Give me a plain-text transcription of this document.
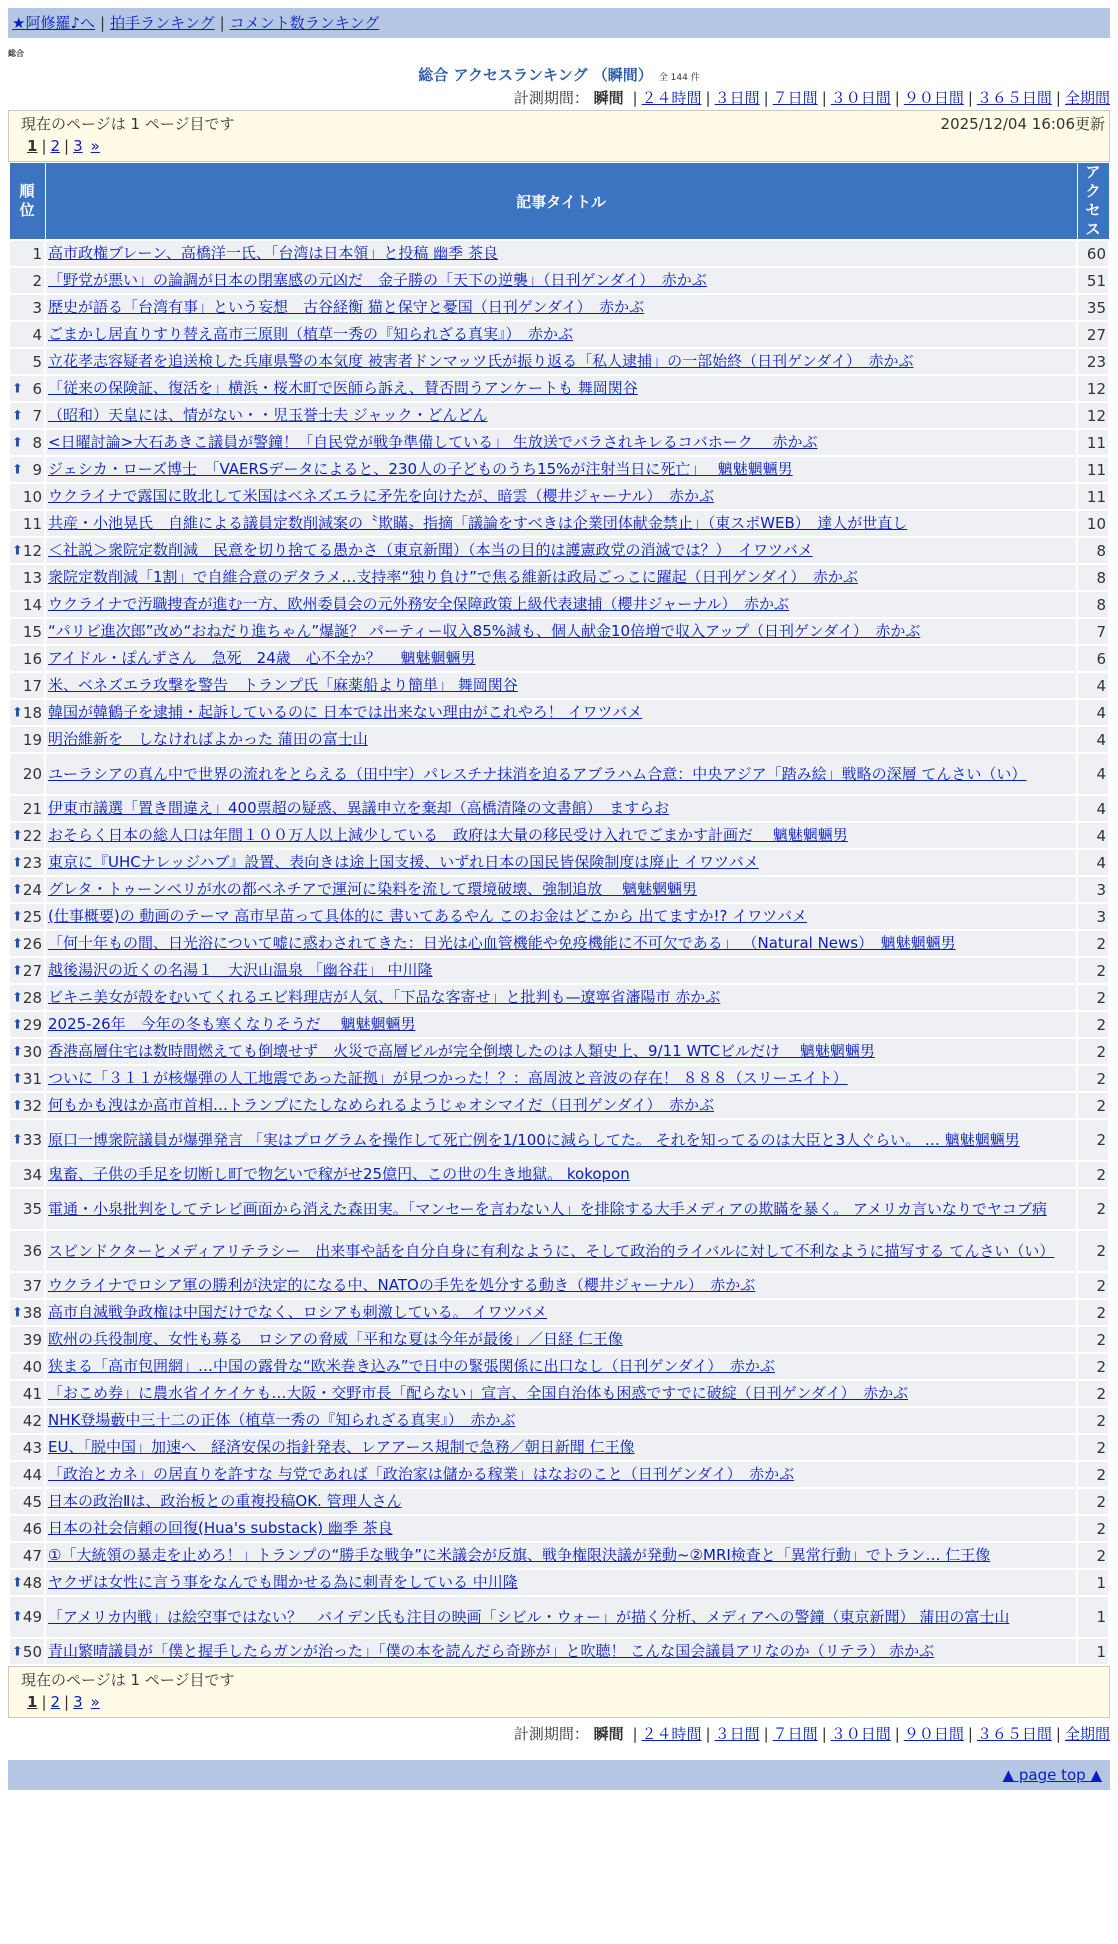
★阿修羅♪へ | 拍手ランキング | コメント数ランキング
総合
総合 アクセスランキング （瞬間） 全 144 件
計測期間： 瞬間 | ２４時間 | ３日間 | ７日間 | ３０日間 | ９０日間 | ３６５日間 | 全期間
現在のページは 1 ページ目です	2025/12/04 16:06更新
1 | 2 | 3 »
順位	記事タイトル	アクセス
1	高市政権ブレーン、高橋洋一氏、「台湾は日本領」と投稿 幽季 茶良	60
2	「野党が悪い」の論調が日本の閉塞感の元凶だ　金子勝の「天下の逆襲」（日刊ゲンダイ）　赤かぶ	51
3	歴史が語る「台湾有事」という妄想　古谷経衡 猫と保守と憂国（日刊ゲンダイ）　赤かぶ	35
4	ごまかし居直りすり替え高市三原則（植草一秀の『知られざる真実』）　赤かぶ	27
5	立花孝志容疑者を追送検した兵庫県警の本気度 被害者ドンマッツ氏が振り返る「私人逮捕」の一部始終（日刊ゲンダイ）　赤かぶ	23

⬆ 6	「従来の保険証、復活を」横浜・桜木町で医師ら訴え、賛否問うアンケートも 舞岡関谷	12

⬆ 7	（昭和）天皇には、情がない・・児玉誉士夫 ジャック・どんどん	12

⬆ 8	<日曜討論>大石あきこ議員が警鐘！「自民党が戦争準備している」 生放送でバラされキレるコバホーク　 赤かぶ	11

⬆ 9	ジェシカ・ローズ博士　「VAERSデータによると、230人の子どものうち15%が注射当日に死亡」　 魑魅魍魎男	11
10	ウクライナで露国に敗北して米国はベネズエラに矛先を向けたが、暗雲（櫻井ジャーナル）　赤かぶ	11
11	共産・小池晃氏　自維による議員定数削減案の〝欺瞞〟指摘「議論をすべきは企業団体献金禁止」（東スポWEB）　達人が世直し	10

⬆ 12	＜社説＞衆院定数削減　民意を切り捨てる愚かさ（東京新聞）（本当の目的は護憲政党の消滅では？）　イワツバメ	8
13	衆院定数削減「1割」で自維合意のデタラメ…支持率“独り負け”で焦る維新は政局ごっこに躍起（日刊ゲンダイ）　赤かぶ	8
14	ウクライナで汚職捜査が進む一方、欧州委員会の元外務安全保障政策上級代表逮捕（櫻井ジャーナル）　赤かぶ	8
15	“パリピ進次郎”改め“おねだり進ちゃん”爆誕？ パーティー収入85%減も、個人献金10倍増で収入アップ（日刊ゲンダイ）　赤かぶ	7
16	アイドル・ぽんずさん　急死　24歳　心不全か？　 魑魅魍魎男	6
17	米、ベネズエラ攻撃を警告　トランプ氏「麻薬船より簡単」 舞岡関谷	4

⬆ 18	韓国が韓鶴子を逮捕・起訴しているのに 日本では出来ない理由がこれやろ！ イワツバメ	4
19	明治維新を　しなければよかった 蒲田の富士山	4
20	ユーラシアの真ん中で世界の流れをとらえる（田中宇）パレスチナ抹消を迫るアブラハム合意：中央アジア「踏み絵」戦略の深層 てんさい（い）	4
21	伊東市議選「置き間違え」400票超の疑惑、異議申立を棄却（高橋清隆の文書館）　ますらお	4

⬆ 22	おそらく日本の総人口は年間１００万人以上減少している　政府は大量の移民受け入れでごまかす計画だ　 魑魅魍魎男	4

⬆ 23	東京に『UHCナレッジハブ』設置、表向きは途上国支援、いずれ日本の国民皆保険制度は廃止 イワツバメ	4

⬆ 24	グレタ・トゥーンベリが水の都ベネチアで運河に染料を流して環境破壊、強制追放　 魑魅魍魎男	3

⬆ 25	(仕事概要)の 動画のテーマ 高市早苗って具体的に 書いてあるやん このお金はどこから 出てますか!? イワツバメ	3

⬆ 26	「何十年もの間、日光浴について嘘に惑わされてきた：日光は心血管機能や免疫機能に不可欠である」 （Natural News）　魑魅魍魎男	2

⬆ 27	越後湯沢の近くの名湯１＿大沢山温泉 「幽谷荘」 中川隆	2

⬆ 28	ビキニ美女が殻をむいてくれるエビ料理店が人気、「下品な客寄せ」と批判も—遼寧省瀋陽市 赤かぶ	2

⬆ 29	2025-26年　今年の冬も寒くなりそうだ　 魑魅魍魎男	2

⬆ 30	香港高層住宅は数時間燃えても倒壊せず　火災で高層ビルが完全倒壊したのは人類史上、9/11 WTCビルだけ　 魑魅魍魎男	2

⬆ 31	ついに「３１１が核爆弾の人工地震であった証拠」が見つかった！？：高周波と音波の存在！ ８８８（スリーエイト）	2

⬆ 32	何もかも洩はか高市首相…トランプにたしなめられるようじゃオシマイだ（日刊ゲンダイ）　赤かぶ	2

⬆ 33	原口一博衆院議員が爆弾発言 「実はプログラムを操作して死亡例を1/100に減らしてた。 それを知ってるのは大臣と3人ぐらい。 … 魑魅魍魎男	2
34	鬼畜、子供の手足を切断し町で物乞いで稼がせ25億円、この世の生き地獄。 kokopon	2
35	電通・小泉批判をしてテレビ画面から消えた森田実。「マンセーを言わない人」を排除する大手メディアの欺瞞を暴く。 アメリカ言いなりでヤコブ病	2
36	スピンドクターとメディアリテラシー　出来事や話を自分自身に有利なように、そして政治的ライバルに対して不利なように描写する てんさい（い）	2
37	ウクライナでロシア軍の勝利が決定的になる中、NATOの手先を処分する動き（櫻井ジャーナル）　赤かぶ	2

⬆ 38	高市自滅戦争政権は中国だけでなく、ロシアも刺激している。 イワツバメ	2
39	欧州の兵役制度、女性も募る　ロシアの脅威「平和な夏は今年が最後」／日経 仁王像	2
40	狭まる「高市包囲網」…中国の露骨な“欧米巻き込み”で日中の緊張関係に出口なし（日刊ゲンダイ）　赤かぶ	2
41	「おこめ券」に農水省イケイケも…大阪・交野市長「配らない」宣言、全国自治体も困惑ですでに破綻（日刊ゲンダイ）　赤かぶ	2
42	NHK登場藪中三十二の正体（植草一秀の『知られざる真実』）　赤かぶ	2
43	EU、「脱中国」加速へ　経済安保の指針発表、レアアース規制で急務／朝日新聞 仁王像	2
44	「政治とカネ」の居直りを許すな 与党であれば「政治家は儲かる稼業」はなおのこと（日刊ゲンダイ）　赤かぶ	2
45	日本の政治Ⅱは、政治板との重複投稿OK. 管理人さん	2
46	日本の社会信頼の回復(Hua's substack) 幽季 茶良	2
47	①「大統領の暴走を止めろ！」トランプの“勝手な戦争”に米議会が反旗、戦争権限決議が発動~②MRI検査と「異常行動」でトラン… 仁王像	2

⬆ 48	ヤクザは女性に言う事をなんでも聞かせる為に刺青をしている 中川隆	1

⬆ 49	「アメリカ内戦」は絵空事ではない？　バイデン氏も注目の映画「シビル・ウォー」が描く分析、メディアへの警鐘（東京新聞） 蒲田の富士山	1

⬆ 50	青山繁晴議員が「僕と握手したらガンが治った」「僕の本を読んだら奇跡が」と吹聴！ こんな国会議員アリなのか（リテラ） 赤かぶ	1
現在のページは 1 ページ目です
1 | 2 | 3 »
計測期間： 瞬間 | ２４時間 | ３日間 | ７日間 | ３０日間 | ９０日間 | ３６５日間 | 全期間
▲ page top ▲
